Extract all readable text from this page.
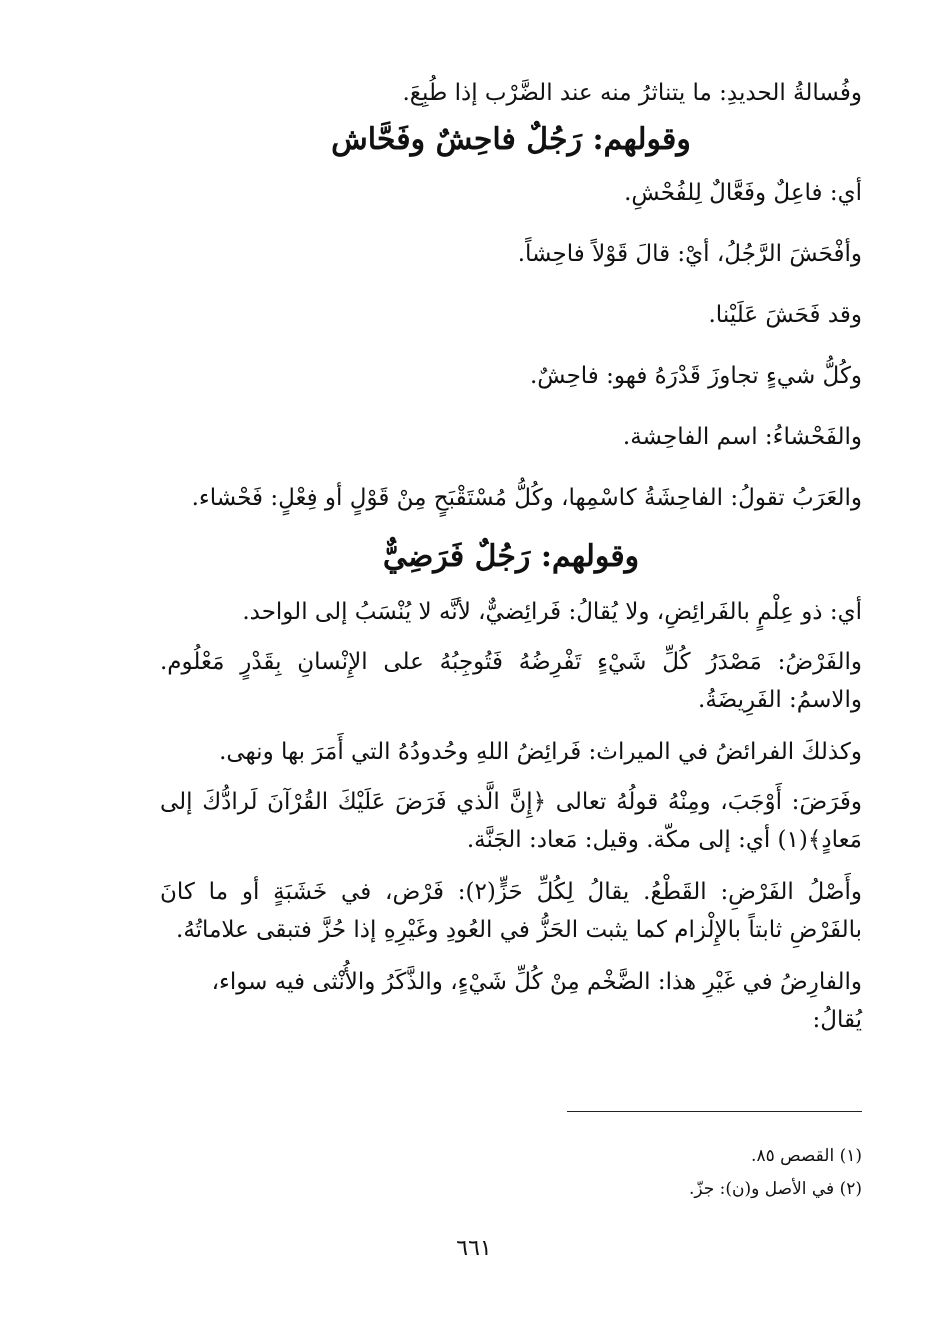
وفُسالةُ الحديدِ: ما يتناثرُ منه عند الضَّرْب إذا طُبِعَ.

وقولهم: رَجُلٌ فاحِشٌ وفَحَّاش

أي: فاعِلٌ وفَعَّالٌ لِلفُحْشِ.

وأفْحَشَ الرَّجُلُ، أيْ: قالَ قَوْلاً فاحِشاً.

وقد فَحَشَ عَلَيْنا.

وكُلُّ شيءٍ تجاوزَ قَدْرَهُ فهو: فاحِشٌ.

والفَحْشاءُ: اسم الفاحِشة.

والعَرَبُ تقولُ: الفاحِشَةُ كاسْمِها، وكُلُّ مُسْتَقْبَحٍ مِنْ قَوْلٍ أو فِعْلٍ: فَحْشاء.

وقولهم: رَجُلٌ فَرَضِيٌّ

أي: ذو عِلْمٍ بالفَرائِضِ، ولا يُقالُ: فَرائِضيٌّ، لأنَّه لا يُنْسَبُ إلى الواحد.

والفَرْضُ: مَصْدَرُ كُلِّ شَيْءٍ تَفْرِضُهُ فَتُوجِبُهُ على الإِنْسانِ بِقَدْرٍ مَعْلُوم. والاسمُ: الفَرِيضَةُ.

وكذلكَ الفرائضُ في الميراث: فَرائِضُ اللهِ وحُدودُهُ التي أَمَرَ بها ونهى.

وفَرَضَ: أَوْجَبَ، ومِنْهُ قولُهُ تعالى ﴿إِنَّ الَّذي فَرَضَ عَلَيْكَ القُرْآنَ لَرادُّكَ إلى مَعادٍ﴾(١) أي: إلى مكّة. وقيل: مَعاد: الجَنَّة.

وأَصْلُ الفَرْضِ: القَطْعُ. يقالُ لِكُلِّ حَزٍّ(٢): فَرْض، في خَشَبَةٍ أو ما كانَ بالفَرْضِ ثابتاً بالإِلْزام كما يثبت الحَزُّ في العُودِ وغَيْرِهِ إذا حُزَّ فتبقى علاماتُهُ.

والفارِضُ في غَيْرِ هذا: الضَّخْم مِنْ كُلِّ شَيْءٍ، والذَّكَرُ والأُنْثى فيه سواء، يُقالُ:

(١) القصص ٨٥.

(٢) في الأصل و(ن): جزّ.

٦٦١
